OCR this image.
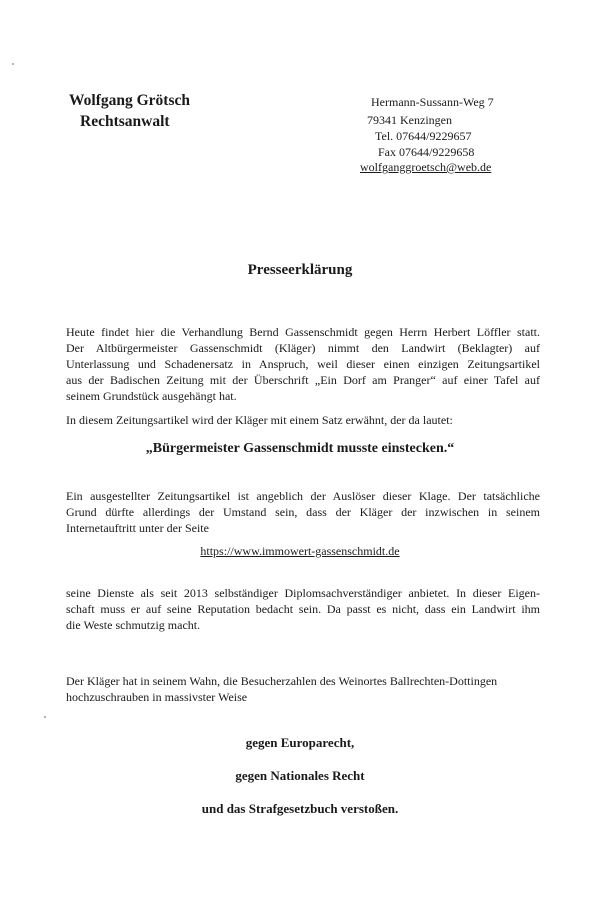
Wolfgang Grötsch
Rechtsanwalt
Hermann-Sussann-Weg 7
79341 Kenzingen
Tel. 07644/9229657
Fax 07644/9229658
wolfganggroetsch@web.de
Presseerklärung
Heute findet hier die Verhandlung Bernd Gassenschmidt gegen Herrn Herbert Löffler statt.
Der Altbürgermeister Gassenschmidt (Kläger) nimmt den Landwirt (Beklagter) auf
Unterlassung und Schadenersatz in Anspruch, weil dieser einen einzigen Zeitungsartikel
aus der Badischen Zeitung mit der Überschrift „Ein Dorf am Pranger“ auf einer Tafel auf
seinem Grundstück ausgehängt hat.
In diesem Zeitungsartikel wird der Kläger mit einem Satz erwähnt, der da lautet:
„Bürgermeister Gassenschmidt musste einstecken.“
Ein ausgestellter Zeitungsartikel ist angeblich der Auslöser dieser Klage. Der tatsächliche
Grund dürfte allerdings der Umstand sein, dass der Kläger der inzwischen in seinem
Internetauftritt unter der Seite
https://www.immowert-gassenschmidt.de
seine Dienste als seit 2013 selbständiger Diplomsachverständiger anbietet. In dieser Eigen-
schaft muss er auf seine Reputation bedacht sein. Da passt es nicht, dass ein Landwirt ihm
die Weste schmutzig macht.
Der Kläger hat in seinem Wahn, die Besucherzahlen des Weinortes Ballrechten-Dottingen
hochzuschrauben in massivster Weise
gegen Europarecht,
gegen Nationales Recht
und das Strafgesetzbuch verstoßen.
